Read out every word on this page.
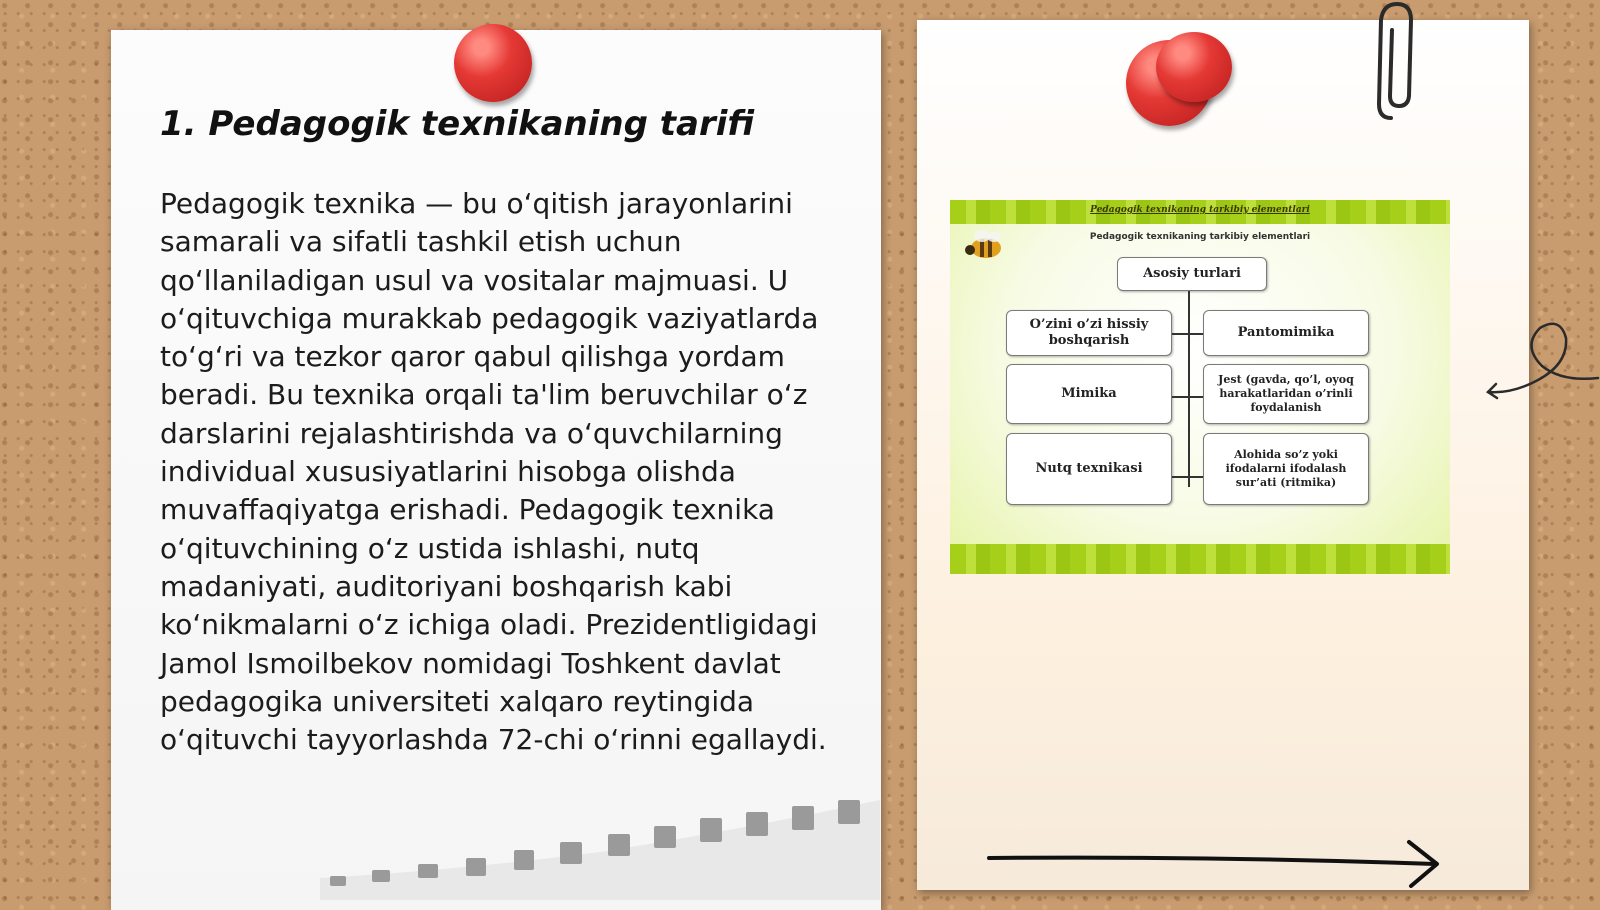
1. Pedagogik texnikaning tarifi

Pedagogik texnika — bu o‘qitish jarayonlarini samarali va sifatli tashkil etish uchun qo‘llaniladigan usul va vositalar majmuasi. U o‘qituvchiga murakkab pedagogik vaziyatlarda to‘g‘ri va tezkor qaror qabul qilishga yordam beradi. Bu texnika orqali ta'lim beruvchilar o‘z darslarini rejalashtirishda va o‘quvchilarning individual xususiyatlarini hisobga olishda muvaffaqiyatga erishadi. Pedagogik texnika o‘qituvchining o‘z ustida ishlashi, nutq madaniyati, auditoriyani boshqarish kabi ko‘nikmalarni o‘z ichiga oladi. Prezidentligidagi Jamol Ismoilbekov nomidagi Toshkent davlat pedagogika universiteti xalqaro reytingida o‘qituvchi tayyorlashda 72-chi o‘rinni egallaydi.

Pedagogik texnikaning tarkibiy elementlari
Pedagogik texnikaning tarkibiy elementlari
Asosiy turlari
O’zini o’zi hissiy boshqarish
Mimika
Nutq texnikasi
Pantomimika
Jest (gavda, qo’l, oyoq harakatlaridan o’rinli foydalanish
Alohida so’z yoki ifodalarni ifodalash sur’ati (ritmika)
